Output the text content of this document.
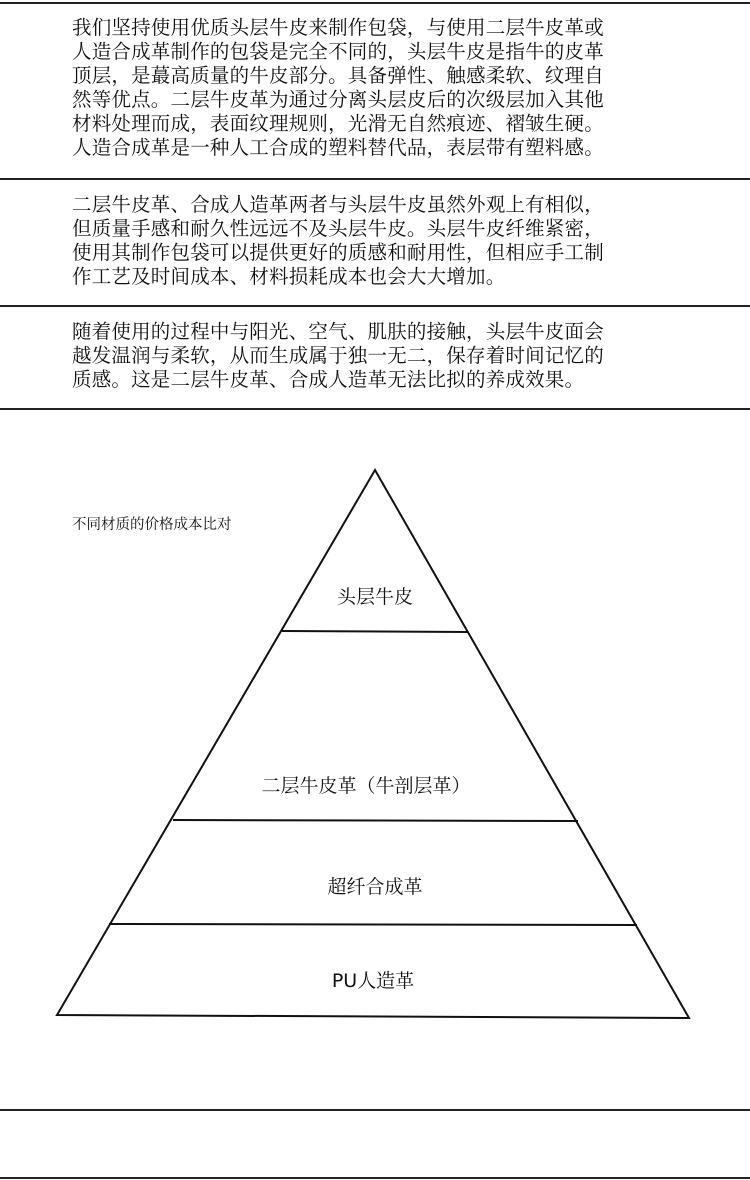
我们坚持使用优质头层牛皮来制作包袋，与使用二层牛皮革或
人造合成革制作的包袋是完全不同的，头层牛皮是指牛的皮革
顶层，是蕞高质量的牛皮部分。具备弹性、触感柔软、纹理自
然等优点。二层牛皮革为通过分离头层皮后的次级层加入其他
材料处理而成，表面纹理规则，光滑无自然痕迹、褶皱生硬。
人造合成革是一种人工合成的塑料替代品，表层带有塑料感。

二层牛皮革、合成人造革两者与头层牛皮虽然外观上有相似，
但质量手感和耐久性远远不及头层牛皮。头层牛皮纤维紧密，
使用其制作包袋可以提供更好的质感和耐用性，但相应手工制
作工艺及时间成本、材料损耗成本也会大大增加。

随着使用的过程中与阳光、空气、肌肤的接触，头层牛皮面会
越发温润与柔软，从而生成属于独一无二，保存着时间记忆的
质感。这是二层牛皮革、合成人造革无法比拟的养成效果。

不同材质的价格成本比对
头层牛皮
二层牛皮革（牛剖层革）
超纤合成革
PU人造革
